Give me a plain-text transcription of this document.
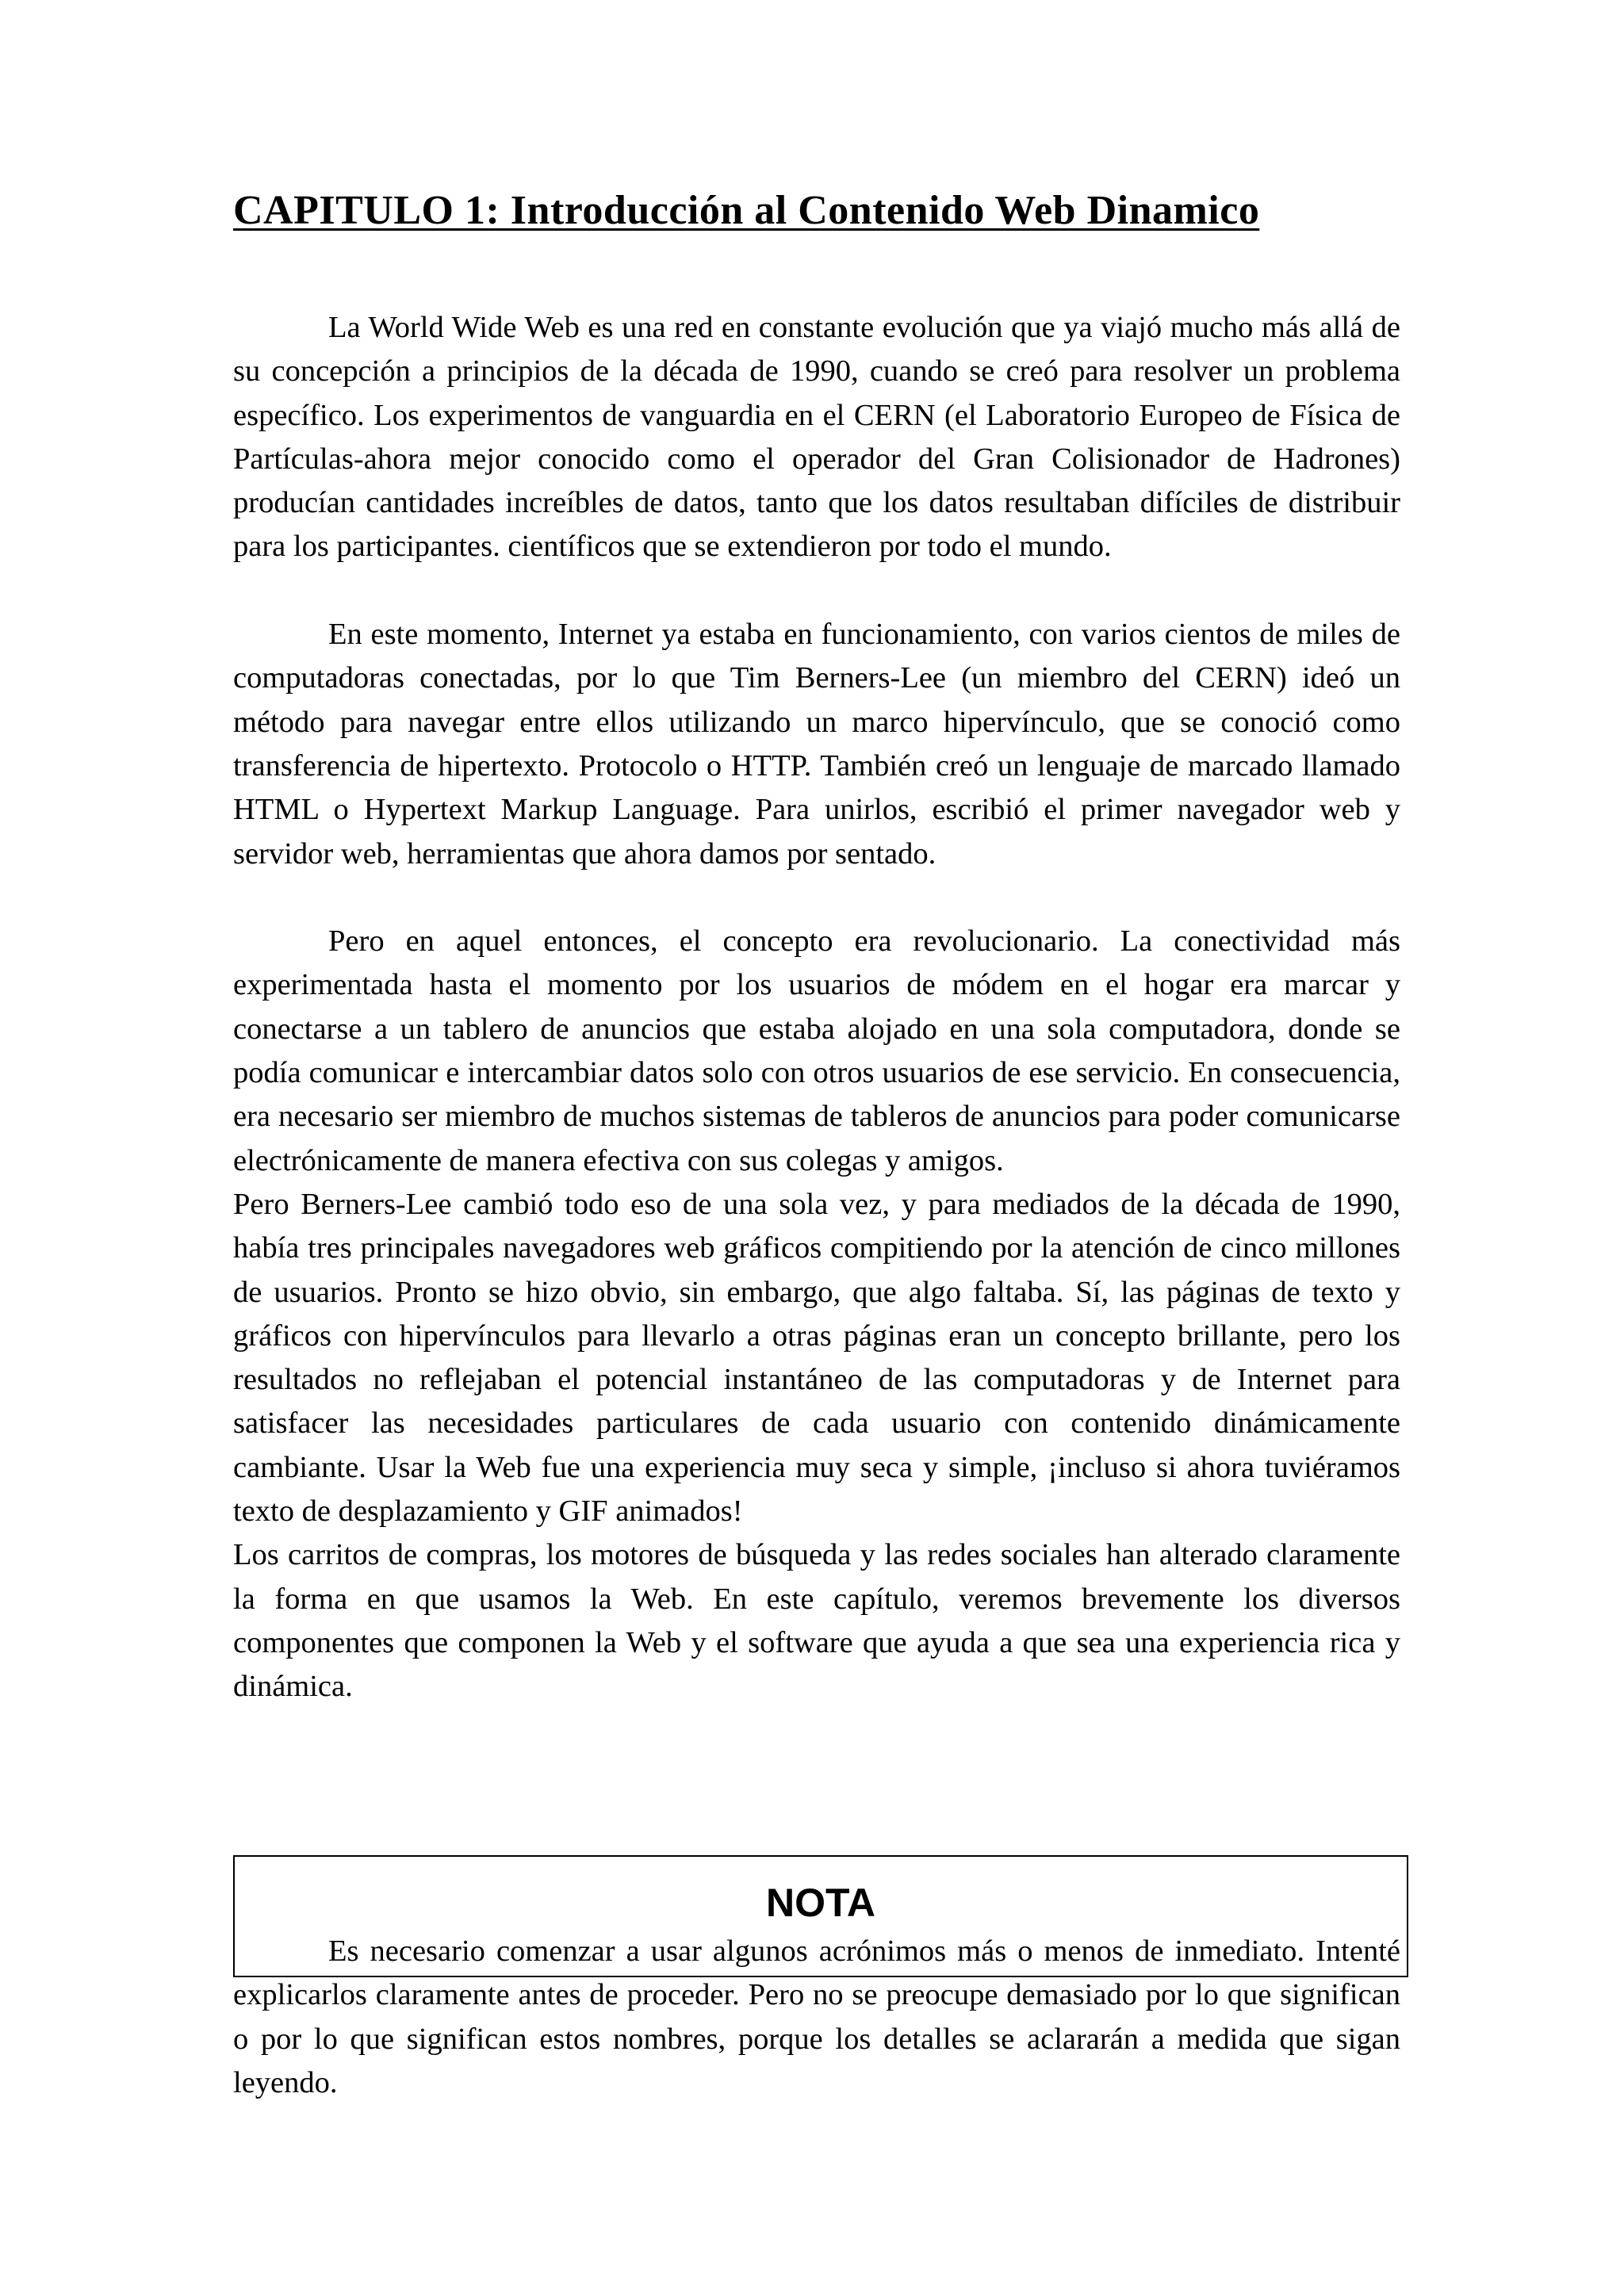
CAPITULO 1: Introducción al Contenido Web Dinamico

La World Wide Web es una red en constante evolución que ya viajó mucho más allá de su concepción a principios de la década de 1990, cuando se creó para resolver un problema específico. Los experimentos de vanguardia en el CERN (el Laboratorio Europeo de Física de Partículas-ahora mejor conocido como el operador del Gran Colisionador de Hadrones) producían cantidades increíbles de datos, tanto que los datos resultaban difíciles de distribuir para los participantes. científicos que se extendieron por todo el mundo.

En este momento, Internet ya estaba en funcionamiento, con varios cientos de miles de computadoras conectadas, por lo que Tim Berners-Lee (un miembro del CERN) ideó un método para navegar entre ellos utilizando un marco hipervínculo, que se conoció como transferencia de hipertexto. Protocolo o HTTP. También creó un lenguaje de marcado llamado HTML o Hypertext Markup Language. Para unirlos, escribió el primer navegador web y servidor web, herramientas que ahora damos por sentado.

Pero en aquel entonces, el concepto era revolucionario. La conectividad más experimentada hasta el momento por los usuarios de módem en el hogar era marcar y conectarse a un tablero de anuncios que estaba alojado en una sola computadora, donde se podía comunicar e intercambiar datos solo con otros usuarios de ese servicio. En consecuencia, era necesario ser miembro de muchos sistemas de tableros de anuncios para poder comunicarse electrónicamente de manera efectiva con sus colegas y amigos.

Pero Berners-Lee cambió todo eso de una sola vez, y para mediados de la década de 1990, había tres principales navegadores web gráficos compitiendo por la atención de cinco millones de usuarios. Pronto se hizo obvio, sin embargo, que algo faltaba. Sí, las páginas de texto y gráficos con hipervínculos para llevarlo a otras páginas eran un concepto brillante, pero los resultados no reflejaban el potencial instantáneo de las computadoras y de Internet para satisfacer las necesidades particulares de cada usuario con contenido dinámicamente cambiante. Usar la Web fue una experiencia muy seca y simple, ¡incluso si ahora tuviéramos texto de desplazamiento y GIF animados!

Los carritos de compras, los motores de búsqueda y las redes sociales han alterado claramente la forma en que usamos la Web. En este capítulo, veremos brevemente los diversos componentes que componen la Web y el software que ayuda a que sea una experiencia rica y dinámica.

NOTA

Es necesario comenzar a usar algunos acrónimos más o menos de inmediato. Intenté explicarlos claramente antes de proceder. Pero no se preocupe demasiado por lo que significan o por lo que significan estos nombres, porque los detalles se aclararán a medida que sigan leyendo.
